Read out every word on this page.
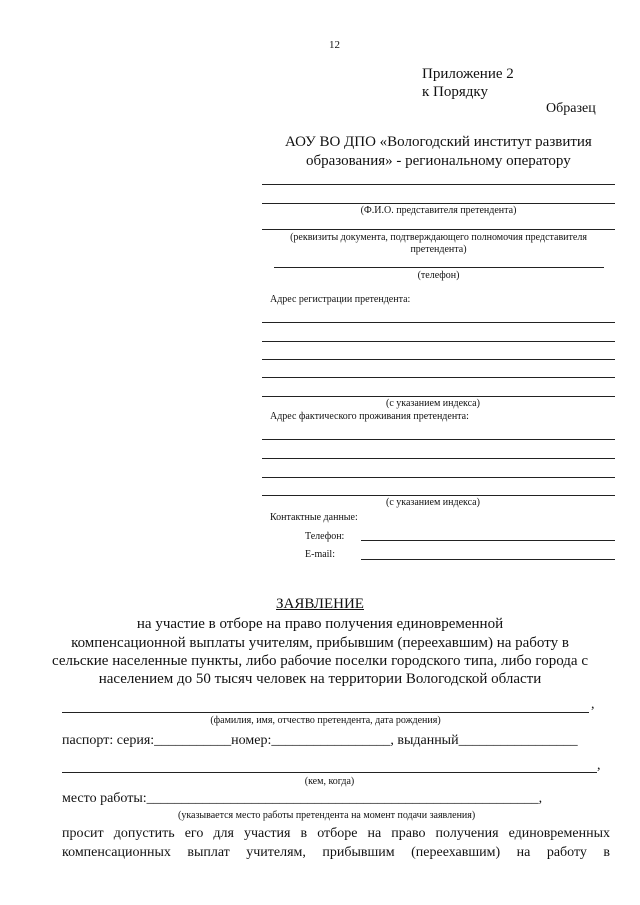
12
Приложение 2
к Порядку
Образец
АОУ ВО ДПО «Вологодский институт развития
образования» - региональному оператору
(Ф.И.О. представителя претендента)
(реквизиты документа, подтверждающего полномочия представителя
претендента)
(телефон)
Адрес регистрации претендента:
(с указанием индекса)
Адрес фактического проживания претендента:
(с указанием индекса)
Контактные данные:
Телефон:
E-mail:
ЗАЯВЛЕНИЕ
на участие в отборе на право получения единовременной
компенсационной выплаты учителям, прибывшим (переехавшим) на работу в
сельские населенные пункты, либо рабочие поселки городского типа, либо города с
населением до 50 тысяч человек на территории Вологодской области
,
(фамилия, имя, отчество претендента, дата рождения)
паспорт: серия:___________номер:_________________, выданный_________________
,
(кем, когда)
место работы:________________________________________________________,
(указывается место работы претендента на момент подачи заявления)
просит допустить его для участия в отборе на право получения единовременных
компенсационных выплат учителям, прибывшим (переехавшим) на работу в
